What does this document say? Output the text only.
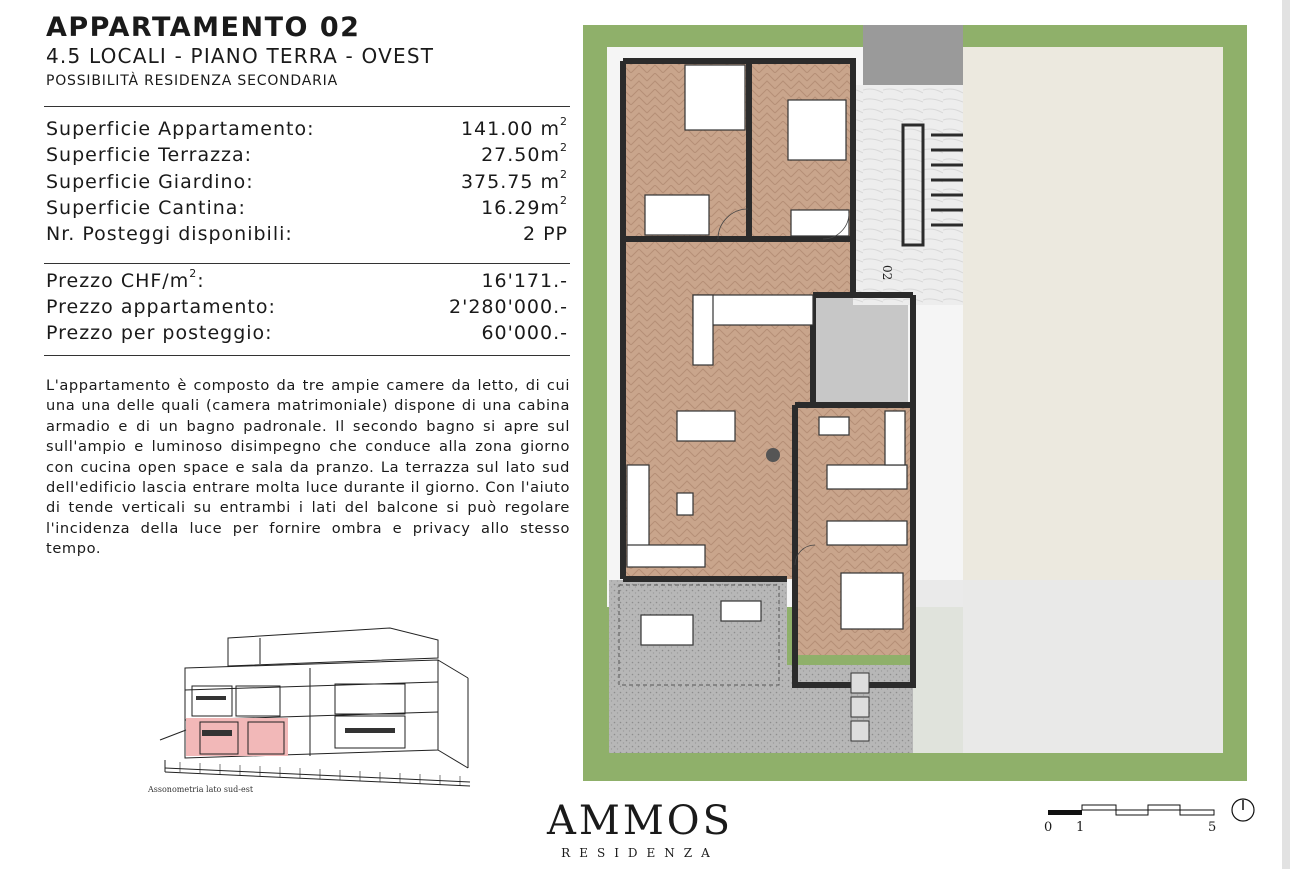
APPARTAMENTO 02
4.5 LOCALI - PIANO TERRA - OVEST
POSSIBILITÀ RESIDENZA SECONDARIA
Superficie Appartamento:	141.00 $m^2$
Superficie Terrazza:	$27.50m^2$
Superficie Giardino:	375.75 $m^2$
Superficie Cantina:	$16.29m^2$
Nr. Posteggi disponibili:	2 PP
Prezzo CHF/$m^2$:	16'171.-
Prezzo appartamento:	2'280'000.-
Prezzo per posteggio:	60'000.-
L'appartamento è composto da tre ampie camere da letto, di cui una una delle quali (camera matrimoniale) dispone di una cabina armadio e di un bagno padronale. Il secondo bagno si apre sul sull'ampio e luminoso disimpegno che conduce alla zona giorno con cucina open space e sala da pranzo. La terrazza sul lato sud dell'edificio lascia entrare molta luce durante il giorno. Con l'aiuto di tende verticali su entrambi i lati del balcone si può regolare l'incidenza della luce per fornire ombra e privacy allo stesso tempo.
Assonometria lato sud-est
02
AMMOS
RESIDENZA
0 1	5
